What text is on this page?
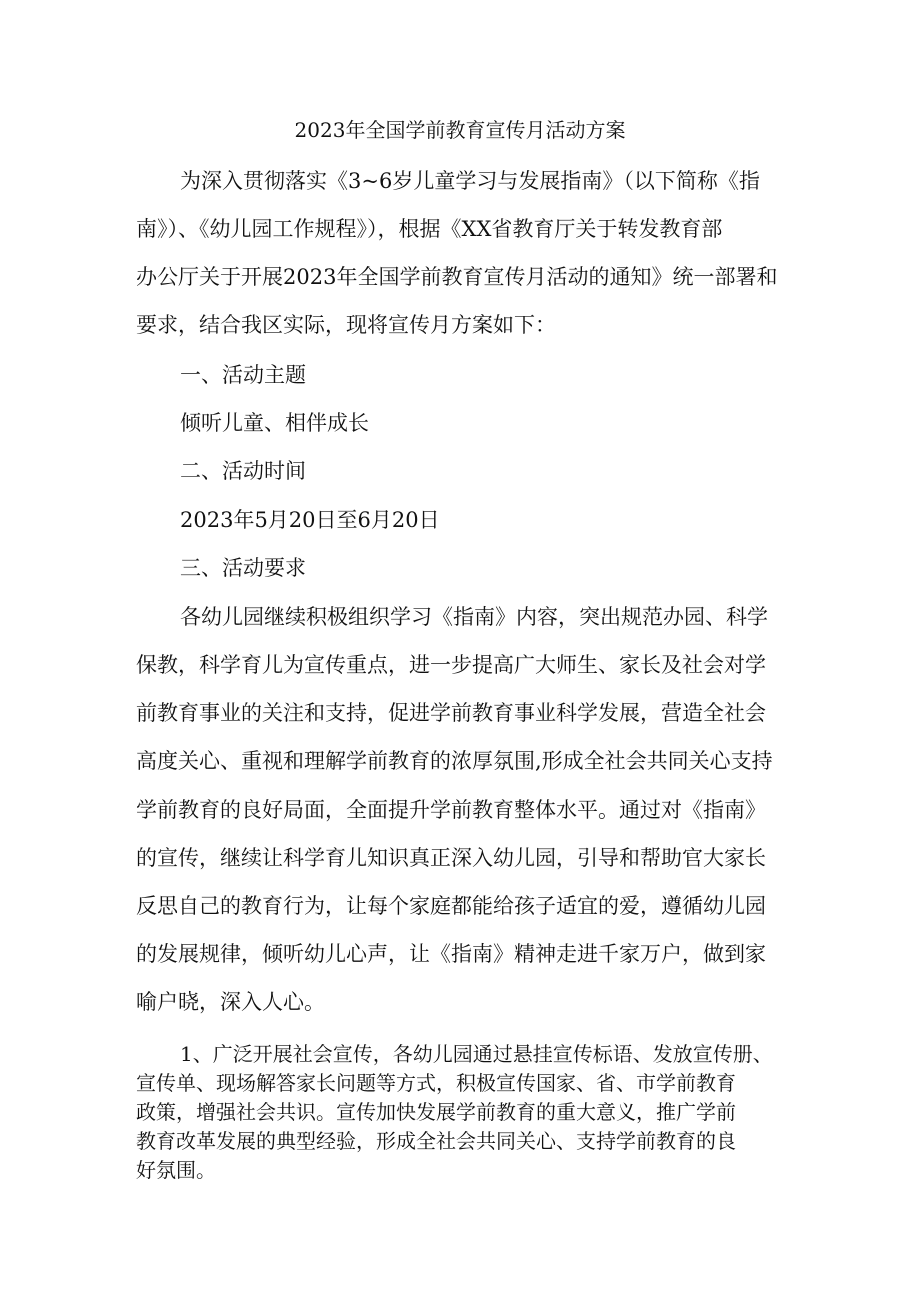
2023年全国学前教育宣传月活动方案
为深入贯彻落实《3~6岁儿童学习与发展指南》（以下简称《指
南》）、《幼儿园工作规程》），根据《XX省教育厅关于转发教育部
办公厅关于开展2023年全国学前教育宣传月活动的通知》统一部署和
要求，结合我区实际，现将宣传月方案如下：
一、活动主题
倾听儿童、相伴成长
二、活动时间
2023年5月20日至6月20日
三、活动要求
各幼儿园继续积极组织学习《指南》内容，突出规范办园、科学
保教，科学育儿为宣传重点，进一步提高广大师生、家长及社会对学
前教育事业的关注和支持，促进学前教育事业科学发展，营造全社会
高度关心、重视和理解学前教育的浓厚氛围,形成全社会共同关心支持
学前教育的良好局面，全面提升学前教育整体水平。通过对《指南》
的宣传，继续让科学育儿知识真正深入幼儿园，引导和帮助官大家长
反思自己的教育行为，让每个家庭都能给孩子适宜的爱，遵循幼儿园
的发展规律，倾听幼儿心声，让《指南》精神走进千家万户，做到家
喻户晓，深入人心。
1、广泛开展社会宣传，各幼儿园通过悬挂宣传标语、发放宣传册、
宣传单、现场解答家长问题等方式，积极宣传国家、省、市学前教育
政策，增强社会共识。宣传加快发展学前教育的重大意义，推广学前
教育改革发展的典型经验，形成全社会共同关心、支持学前教育的良
好氛围。
